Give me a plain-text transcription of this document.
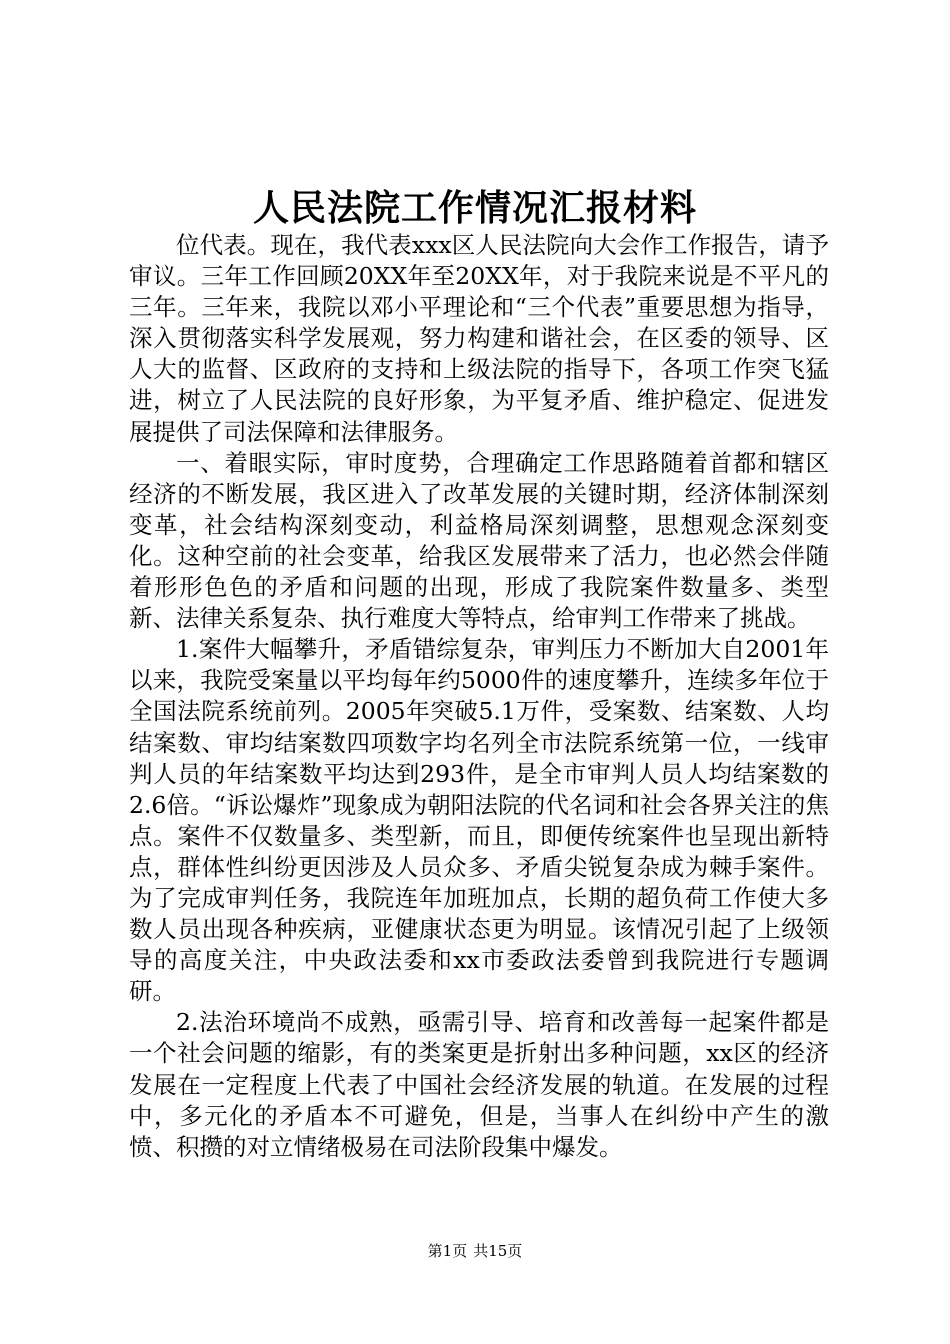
人民法院工作情况汇报材料

位代表。现在，我代表xxx区人民法院向大会作工作报告，请予审议。三年工作回顾20XX年至20XX年，对于我院来说是不平凡的三年。三年来，我院以邓小平理论和“三个代表”重要思想为指导，深入贯彻落实科学发展观，努力构建和谐社会，在区委的领导、区人大的监督、区政府的支持和上级法院的指导下，各项工作突飞猛进，树立了人民法院的良好形象，为平复矛盾、维护稳定、促进发展提供了司法保障和法律服务。

一、着眼实际，审时度势，合理确定工作思路随着首都和辖区经济的不断发展，我区进入了改革发展的关键时期，经济体制深刻变革，社会结构深刻变动，利益格局深刻调整，思想观念深刻变化。这种空前的社会变革，给我区发展带来了活力，也必然会伴随着形形色色的矛盾和问题的出现，形成了我院案件数量多、类型新、法律关系复杂、执行难度大等特点，给审判工作带来了挑战。

1.案件大幅攀升，矛盾错综复杂，审判压力不断加大自2001年以来，我院受案量以平均每年约5000件的速度攀升，连续多年位于全国法院系统前列。2005年突破5.1万件，受案数、结案数、人均结案数、审均结案数四项数字均名列全市法院系统第一位，一线审判人员的年结案数平均达到293件，是全市审判人员人均结案数的2.6倍。“诉讼爆炸”现象成为朝阳法院的代名词和社会各界关注的焦点。案件不仅数量多、类型新，而且，即便传统案件也呈现出新特点，群体性纠纷更因涉及人员众多、矛盾尖锐复杂成为棘手案件。为了完成审判任务，我院连年加班加点，长期的超负荷工作使大多数人员出现各种疾病，亚健康状态更为明显。该情况引起了上级领导的高度关注，中央政法委和xx市委政法委曾到我院进行专题调研。

2.法治环境尚不成熟，亟需引导、培育和改善每一起案件都是一个社会问题的缩影，有的类案更是折射出多种问题，xx区的经济发展在一定程度上代表了中国社会经济发展的轨道。在发展的过程中，多元化的矛盾本不可避免，但是，当事人在纠纷中产生的激愤、积攒的对立情绪极易在司法阶段集中爆发。

第1页 共15页
